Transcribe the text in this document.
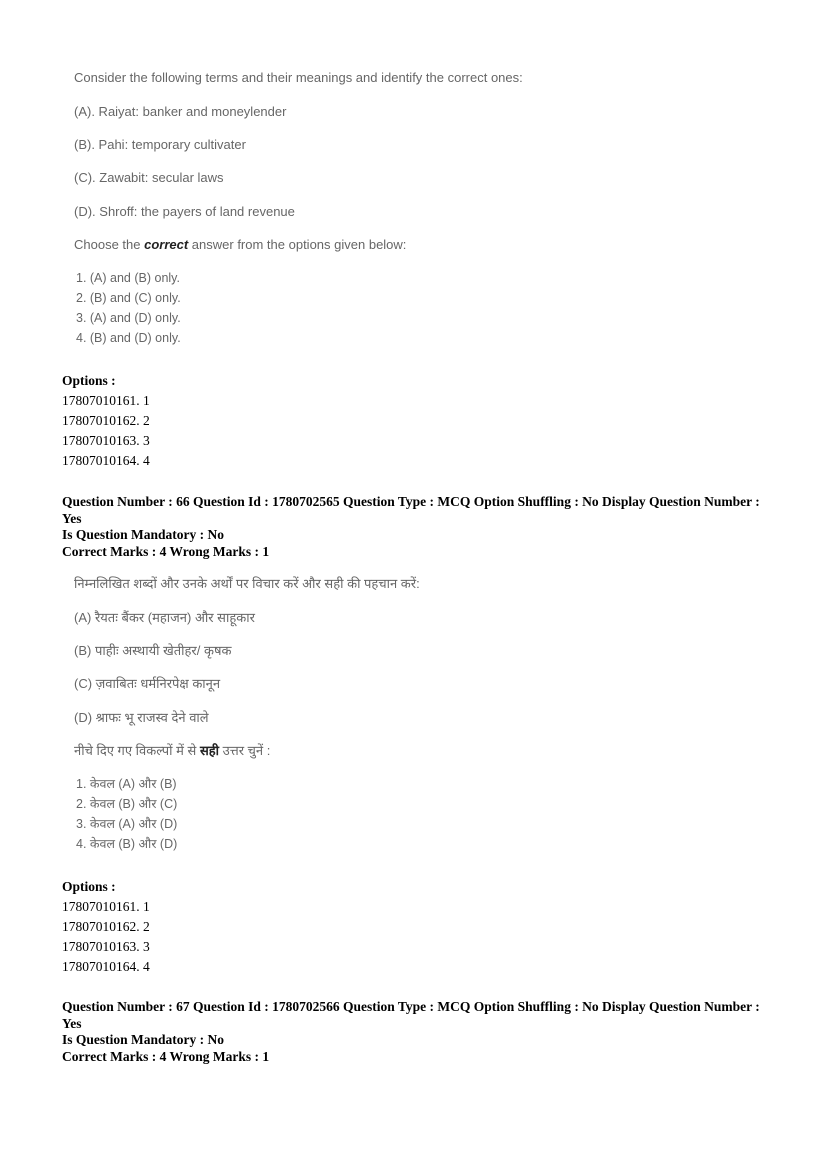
Consider the following terms and their meanings and identify the correct ones:
(A). Raiyat: banker and moneylender
(B). Pahi: temporary cultivater
(C). Zawabit: secular laws
(D). Shroff: the payers of land revenue
Choose the correct answer from the options given below:
1. (A) and (B) only.
2. (B) and (C) only.
3. (A) and (D) only.
4. (B) and (D) only.
Options :
17807010161. 1
17807010162. 2
17807010163. 3
17807010164. 4
Question Number : 66 Question Id : 1780702565 Question Type : MCQ Option Shuffling : No Display Question Number : Yes
Is Question Mandatory : No
Correct Marks : 4 Wrong Marks : 1
निम्नलिखित शब्दों और उनके अर्थों पर विचार करें और सही की पहचान करें:
(A) रैयतः बैंकर (महाजन) और साहूकार
(B) पाहीः अस्थायी खेतीहर/ कृषक
(C) ज़वाबितः धर्मनिरपेक्ष कानून
(D) श्राफः भू राजस्व देने वाले
नीचे दिए गए विकल्पों में से सही उत्तर चुनें :
1. केवल (A) और (B)
2. केवल (B) और (C)
3. केवल (A) और (D)
4. केवल (B) और (D)
Options :
17807010161. 1
17807010162. 2
17807010163. 3
17807010164. 4
Question Number : 67 Question Id : 1780702566 Question Type : MCQ Option Shuffling : No Display Question Number : Yes
Is Question Mandatory : No
Correct Marks : 4 Wrong Marks : 1
